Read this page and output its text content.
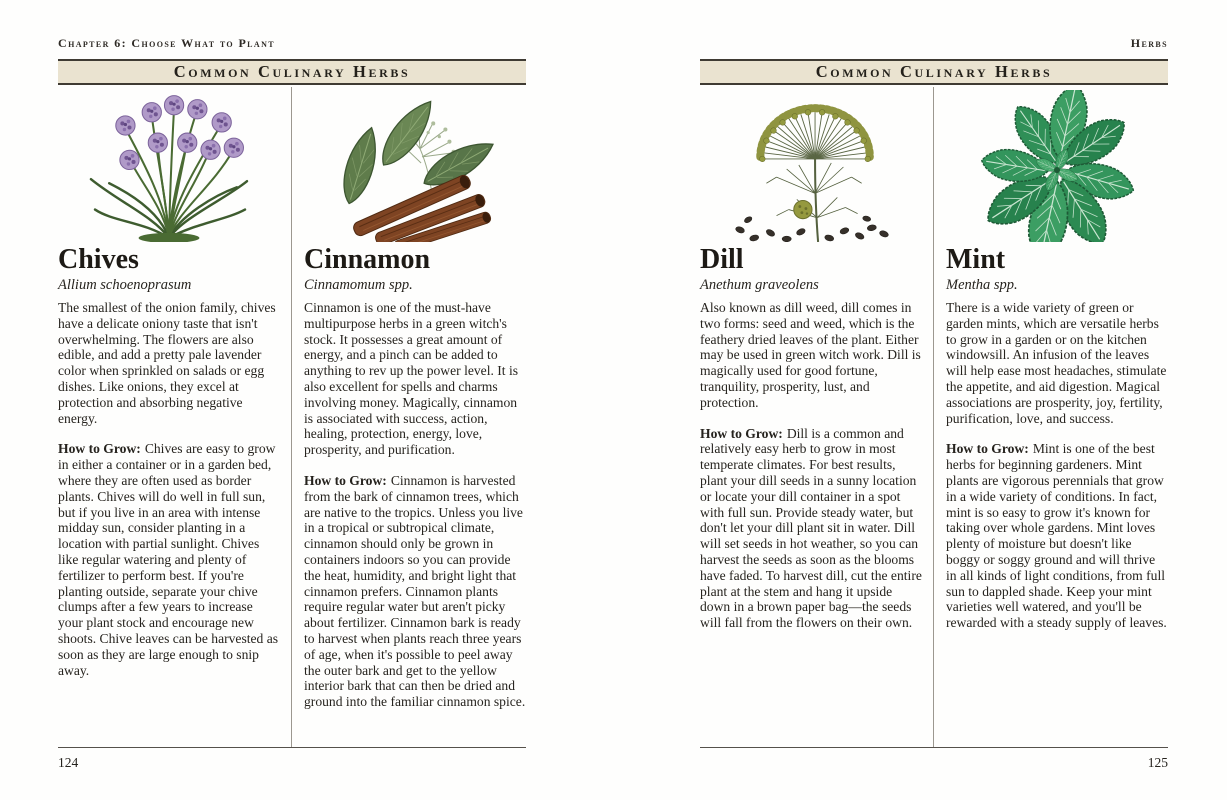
Chapter 6: Choose What to Plant
Common Culinary Herbs
Chives

Allium schoenoprasum

The smallest of the onion family, chives have a delicate oniony taste that isn't overwhelming. The flowers are also edible, and add a pretty pale lavender color when sprinkled on salads or egg dishes. Like onions, they excel at protection and absorbing negative energy.

How to Grow: Chives are easy to grow in either a container or in a garden bed, where they are often used as border plants. Chives will do well in full sun, but if you live in an area with intense midday sun, consider planting in a location with partial sunlight. Chives like regular watering and plenty of fertilizer to perform best. If you're planting outside, separate your chive clumps after a few years to increase your plant stock and encourage new shoots. Chive leaves can be harvested as soon as they are large enough to snip away.

Cinnamon

Cinnamomum spp.

Cinnamon is one of the must-have multipurpose herbs in a green witch's stock. It possesses a great amount of energy, and a pinch can be added to anything to rev up the power level. It is also excellent for spells and charms involving money. Magically, cinnamon is associated with success, action, healing, protection, energy, love, prosperity, and purification.

How to Grow: Cinnamon is harvested from the bark of cinnamon trees, which are native to the tropics. Unless you live in a tropical or subtropical climate, cinnamon should only be grown in containers indoors so you can provide the heat, humidity, and bright light that cinnamon prefers. Cinnamon plants require regular water but aren't picky about fertilizer. Cinnamon bark is ready to harvest when plants reach three years of age, when it's possible to peel away the outer bark and get to the yellow interior bark that can then be dried and ground into the familiar cinnamon spice.

124
Herbs
Common Culinary Herbs
Dill

Anethum graveolens

Also known as dill weed, dill comes in two forms: seed and weed, which is the feathery dried leaves of the plant. Either may be used in green witch work. Dill is magically used for good fortune, tranquility, prosperity, lust, and protection.

How to Grow: Dill is a common and relatively easy herb to grow in most temperate climates. For best results, plant your dill seeds in a sunny location or locate your dill container in a spot with full sun. Provide steady water, but don't let your dill plant sit in water. Dill will set seeds in hot weather, so you can harvest the seeds as soon as the blooms have faded. To harvest dill, cut the entire plant at the stem and hang it upside down in a brown paper bag—the seeds will fall from the flowers on their own.

Mint

Mentha spp.

There is a wide variety of green or garden mints, which are versatile herbs to grow in a garden or on the kitchen windowsill. An infusion of the leaves will help ease most headaches, stimulate the appetite, and aid digestion. Magical associations are prosperity, joy, fertility, purification, love, and success.

How to Grow: Mint is one of the best herbs for beginning gardeners. Mint plants are vigorous perennials that grow in a wide variety of conditions. In fact, mint is so easy to grow it's known for taking over whole gardens. Mint loves plenty of moisture but doesn't like boggy or soggy ground and will thrive in all kinds of light conditions, from full sun to dappled shade. Keep your mint varieties well watered, and you'll be rewarded with a steady supply of leaves.

125
